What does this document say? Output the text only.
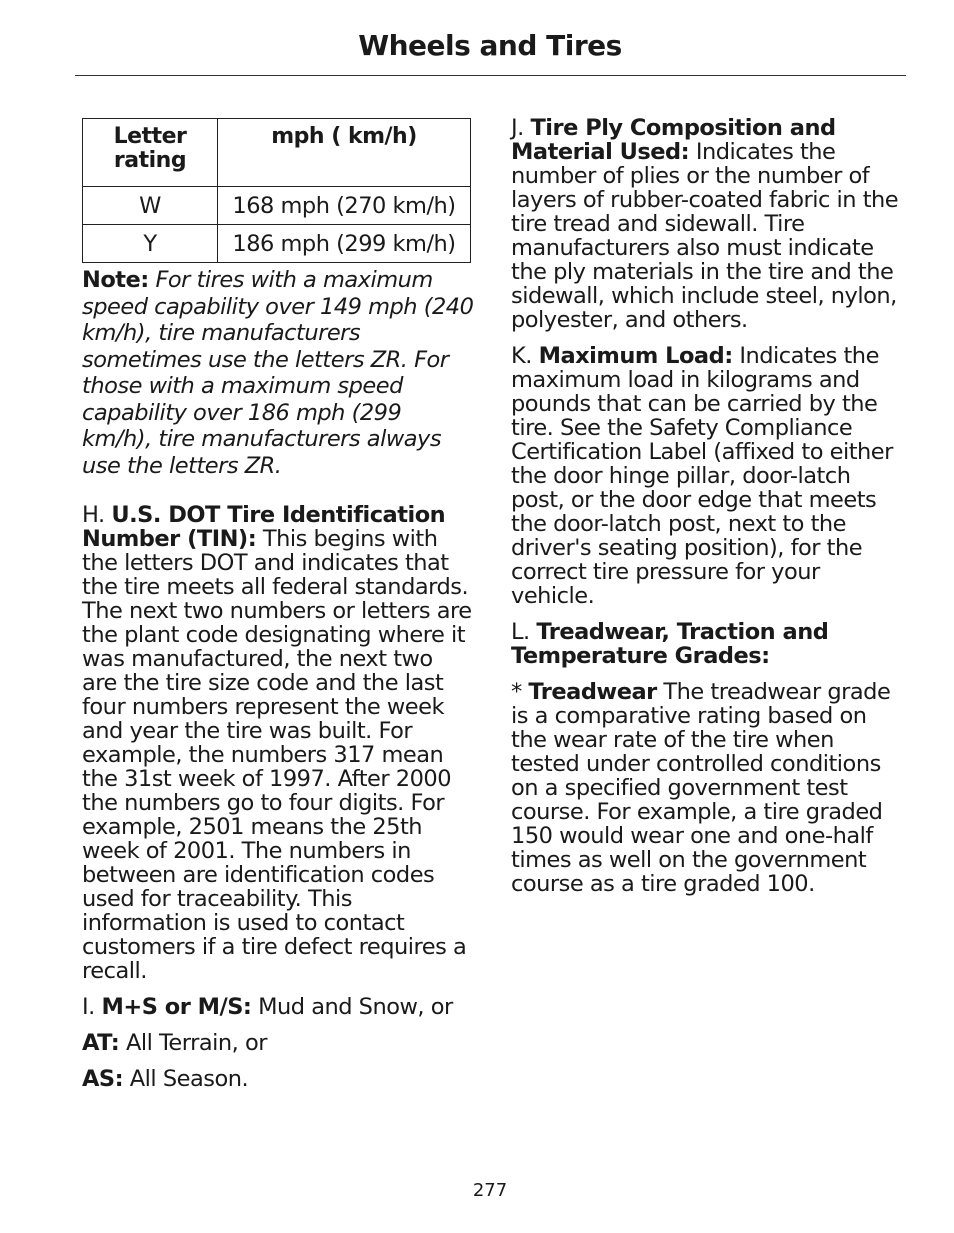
Wheels and Tires
Letter rating	mph ( km/h)
W	168 mph (270 km/h)
Y	186 mph (299 km/h)

Note: For tires with a maximum speed capability over 149 mph (240 km/h), tire manufacturers sometimes use the letters ZR. For those with a maximum speed capability over 186 mph (299 km/h), tire manufacturers always use the letters ZR.

H. U.S. DOT Tire Identification Number (TIN): This begins with the letters DOT and indicates that the tire meets all federal standards. The next two numbers or letters are the plant code designating where it was manufactured, the next two are the tire size code and the last four numbers represent the week and year the tire was built. For example, the numbers 317 mean the 31st week of 1997. After 2000 the numbers go to four digits. For example, 2501 means the 25th week of 2001. The numbers in between are identification codes used for traceability. This information is used to contact customers if a tire defect requires a recall.

I. M+S or M/S: Mud and Snow, or

AT: All Terrain, or

AS: All Season.

J. Tire Ply Composition and Material Used: Indicates the number of plies or the number of layers of rubber-coated fabric in the tire tread and sidewall. Tire manufacturers also must indicate the ply materials in the tire and the sidewall, which include steel, nylon, polyester, and others.

K. Maximum Load: Indicates the maximum load in kilograms and pounds that can be carried by the tire. See the Safety Compliance Certification Label (affixed to either the door hinge pillar, door-latch post, or the door edge that meets the door-latch post, next to the driver's seating position), for the correct tire pressure for your vehicle.

L. Treadwear, Traction and Temperature Grades:

* Treadwear The treadwear grade is a comparative rating based on the wear rate of the tire when tested under controlled conditions on a specified government test course. For example, a tire graded 150 would wear one and one-half times as well on the government course as a tire graded 100.

277
